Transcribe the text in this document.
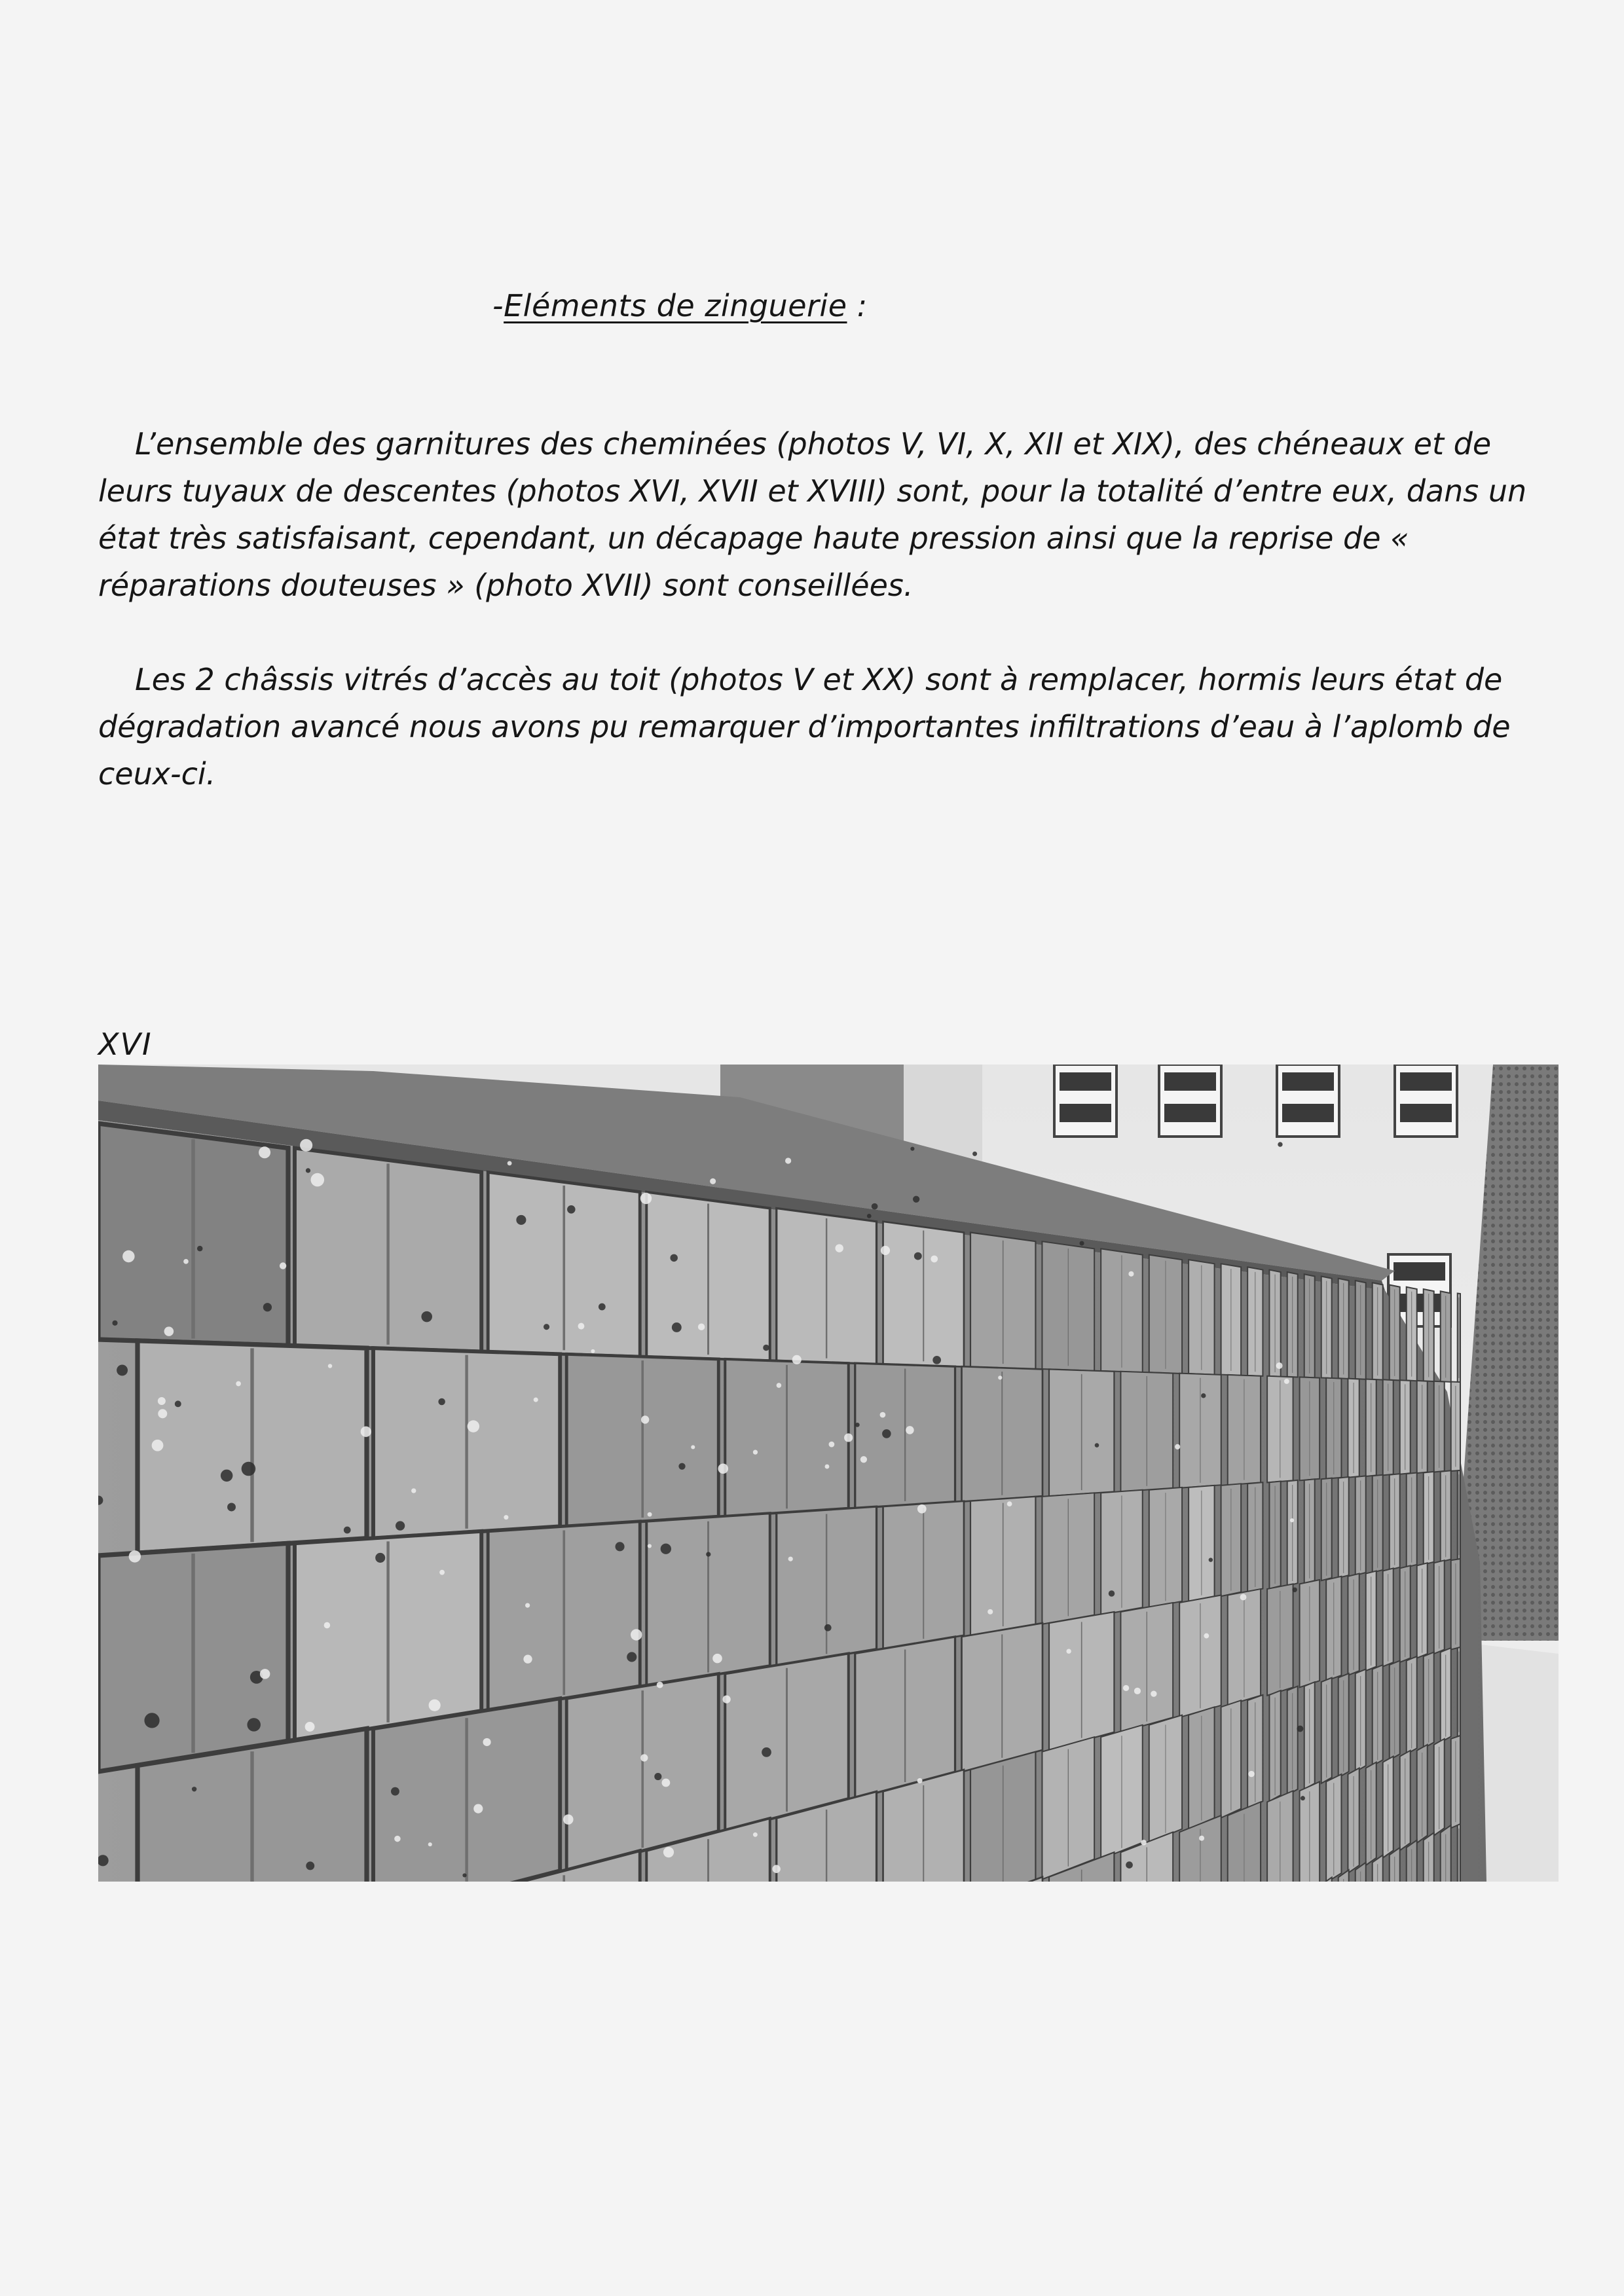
-Eléments de zinguerie :

L’ensemble des garnitures des cheminées (photos V, VI, X, XII et XIX), des chéneaux et de leurs tuyaux de descentes (photos XVI, XVII et XVIII) sont, pour la totalité d’entre eux, dans un état très satisfaisant, cependant, un décapage haute pression ainsi que la reprise de « réparations douteuses » (photo XVII) sont conseillées.

Les 2 châssis vitrés d’accès au toit (photos V et XX) sont à remplacer, hormis leurs état de dégradation avancé nous avons pu remarquer d’importantes infiltrations d’eau à l’aplomb de ceux-ci.

XVI
